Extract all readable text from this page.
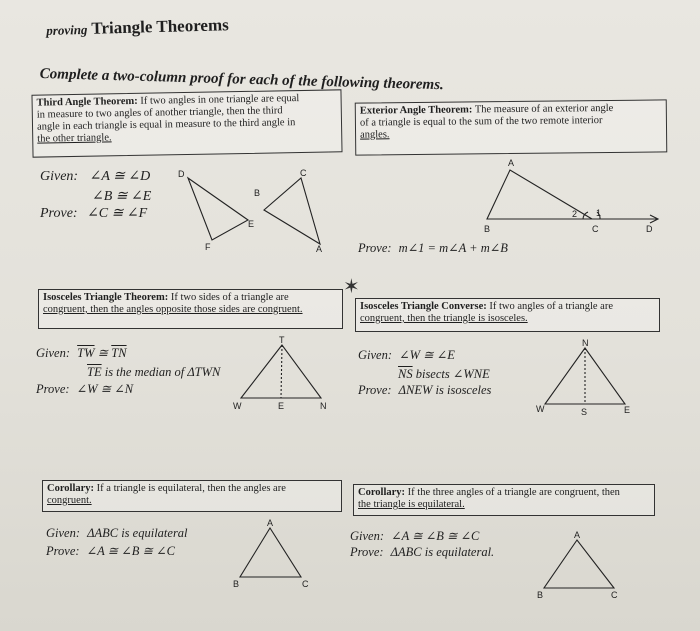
proving Triangle Theorems
Complete a two-column proof for each of the following theorems.
Third Angle Theorem: If two angles in one triangle are equal
in measure to two angles of another triangle, then the third
angle in each triangle is equal in measure to the third angle in
the other triangle.
Given: ∠A ≅ ∠D
∠B ≅ ∠E
Prove: ∠C ≅ ∠F
Exterior Angle Theorem: The measure of an exterior angle
of a triangle is equal to the sum of the two remote interior
angles.
Prove: m∠1 = m∠A + m∠B
✶
Isosceles Triangle Theorem: If two sides of a triangle are
congruent, then the angles opposite those sides are congruent.
Given: $\overline{TW}$ ≅ $\overline{TN}$
$\overline{TE}$ is the median of ΔTWN
Prove: ∠W ≅ ∠N
Isosceles Triangle Converse: If two angles of a triangle are
congruent, then the triangle is isosceles.
Given: ∠W ≅ ∠E
$\overline{NS}$ bisects ∠WNE
Prove: ΔNEW is isosceles
Corollary: If a triangle is equilateral, then the angles are
congruent.
Given: ΔABC is equilateral
Prove: ∠A ≅ ∠B ≅ ∠C
Corollary: If the three angles of a triangle are congruent, then
the triangle is equilateral.
Given: ∠A ≅ ∠B ≅ ∠C
Prove: ΔABC is equilateral.
D	C
B
E
F	A
A
B	C	D
1
2
T
W	E	N
N
W	S	E
A
B	C
A
B	C
